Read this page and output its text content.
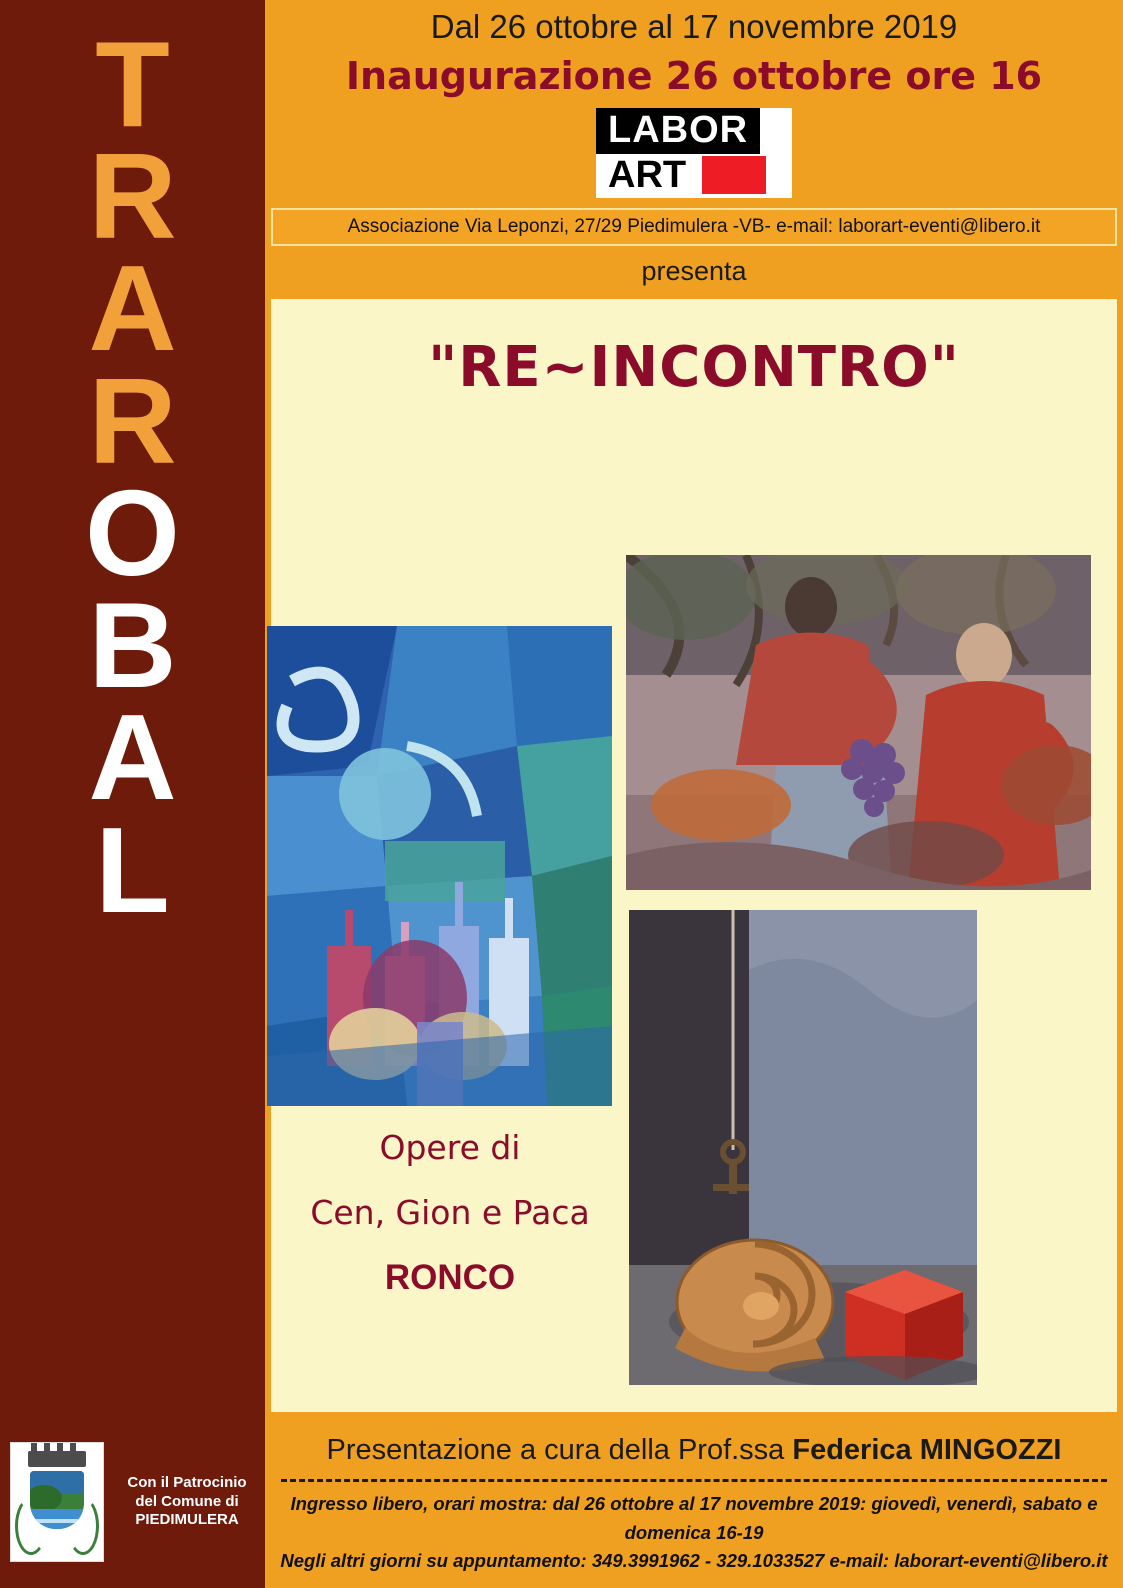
T
R
A
R
O
B
A
L
Con il Patrocinio
del Comune di
PIEDIMULERA
Dal 26 ottobre al 17 novembre 2019
Inaugurazione 26 ottobre ore 16
LABOR
ART
Associazione Via Leponzi, 27/29 Piedimulera -VB- e-mail: laborart-eventi@libero.it
presenta
"RE~INCONTRO"
Opere di
Cen, Gion e Paca
RONCO
Presentazione a cura della Prof.ssa Federica MINGOZZI
Ingresso libero, orari mostra: dal 26 ottobre al 17 novembre 2019: giovedì, venerdì, sabato e domenica 16-19
Negli altri giorni su appuntamento: 349.3991962 - 329.1033527 e-mail: laborart-eventi@libero.it
